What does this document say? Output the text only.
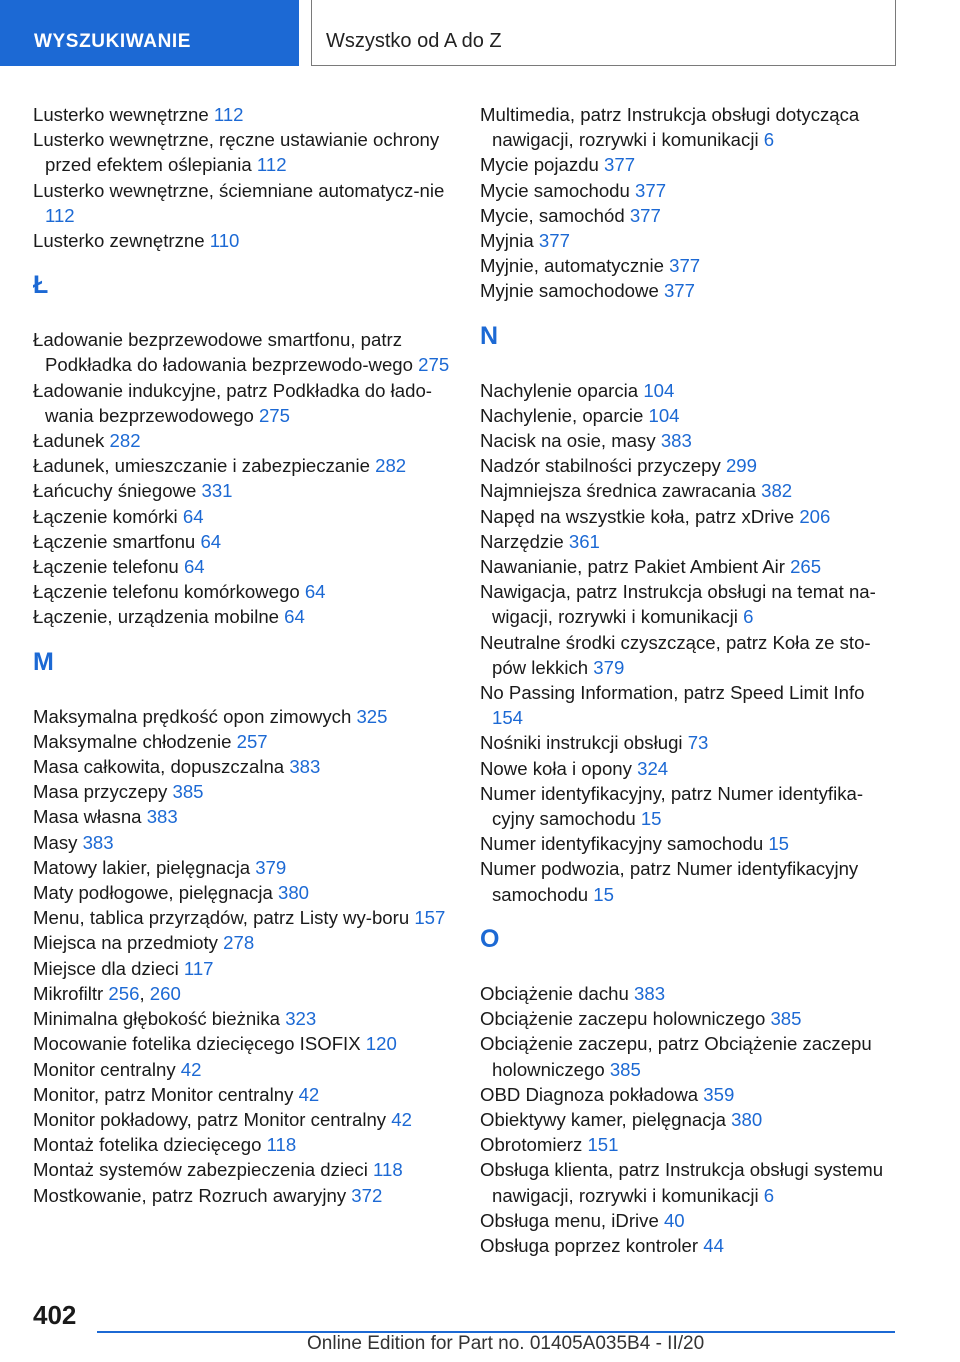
WYSZUKIWANIE	Wszystko od A do Z
Lusterko wewnętrzne 112
Lusterko wewnętrzne, ręczne ustawianie ochrony przed efektem oślepiania 112
Lusterko wewnętrzne, ściemniane automatycz‐nie 112
Lusterko zewnętrzne 110
Ł
Ładowanie bezprzewodowe smartfonu, patrz Podkładka do ładowania bezprzewodo‐wego 275
Ładowanie indukcyjne, patrz Podkładka do łado‐wania bezprzewodowego 275
Ładunek 282
Ładunek, umieszczanie i zabezpieczanie 282
Łańcuchy śniegowe 331
Łączenie komórki 64
Łączenie smartfonu 64
Łączenie telefonu 64
Łączenie telefonu komórkowego 64
Łączenie, urządzenia mobilne 64
M
Maksymalna prędkość opon zimowych 325
Maksymalne chłodzenie 257
Masa całkowita, dopuszczalna 383
Masa przyczepy 385
Masa własna 383
Masy 383
Matowy lakier, pielęgnacja 379
Maty podłogowe, pielęgnacja 380
Menu, tablica przyrządów, patrz Listy wy‐boru 157
Miejsca na przedmioty 278
Miejsce dla dzieci 117
Mikrofiltr 256, 260
Minimalna głębokość bieżnika 323
Mocowanie fotelika dziecięcego ISOFIX 120
Monitor centralny 42
Monitor, patrz Monitor centralny 42
Monitor pokładowy, patrz Monitor centralny 42
Montaż fotelika dziecięcego 118
Montaż systemów zabezpieczenia dzieci 118
Mostkowanie, patrz Rozruch awaryjny 372
Multimedia, patrz Instrukcja obsługi dotycząca nawigacji, rozrywki i komunikacji 6
Mycie pojazdu 377
Mycie samochodu 377
Mycie, samochód 377
Myjnia 377
Myjnie, automatycznie 377
Myjnie samochodowe 377
N
Nachylenie oparcia 104
Nachylenie, oparcie 104
Nacisk na osie, masy 383
Nadzór stabilności przyczepy 299
Najmniejsza średnica zawracania 382
Napęd na wszystkie koła, patrz xDrive 206
Narzędzie 361
Nawanianie, patrz Pakiet Ambient Air 265
Nawigacja, patrz Instrukcja obsługi na temat na‐wigacji, rozrywki i komunikacji 6
Neutralne środki czyszczące, patrz Koła ze sto‐pów lekkich 379
No Passing Information, patrz Speed Limit Info 154
Nośniki instrukcji obsługi 73
Nowe koła i opony 324
Numer identyfikacyjny, patrz Numer identyfika‐cyjny samochodu 15
Numer identyfikacyjny samochodu 15
Numer podwozia, patrz Numer identyfikacyjny samochodu 15
O
Obciążenie dachu 383
Obciążenie zaczepu holowniczego 385
Obciążenie zaczepu, patrz Obciążenie zaczepu holowniczego 385
OBD Diagnoza pokładowa 359
Obiektywy kamer, pielęgnacja 380
Obrotomierz 151
Obsługa klienta, patrz Instrukcja obsługi systemu nawigacji, rozrywki i komunikacji 6
Obsługa menu, iDrive 40
Obsługa poprzez kontroler 44
402
Online Edition for Part no. 01405A035B4 - II/20
